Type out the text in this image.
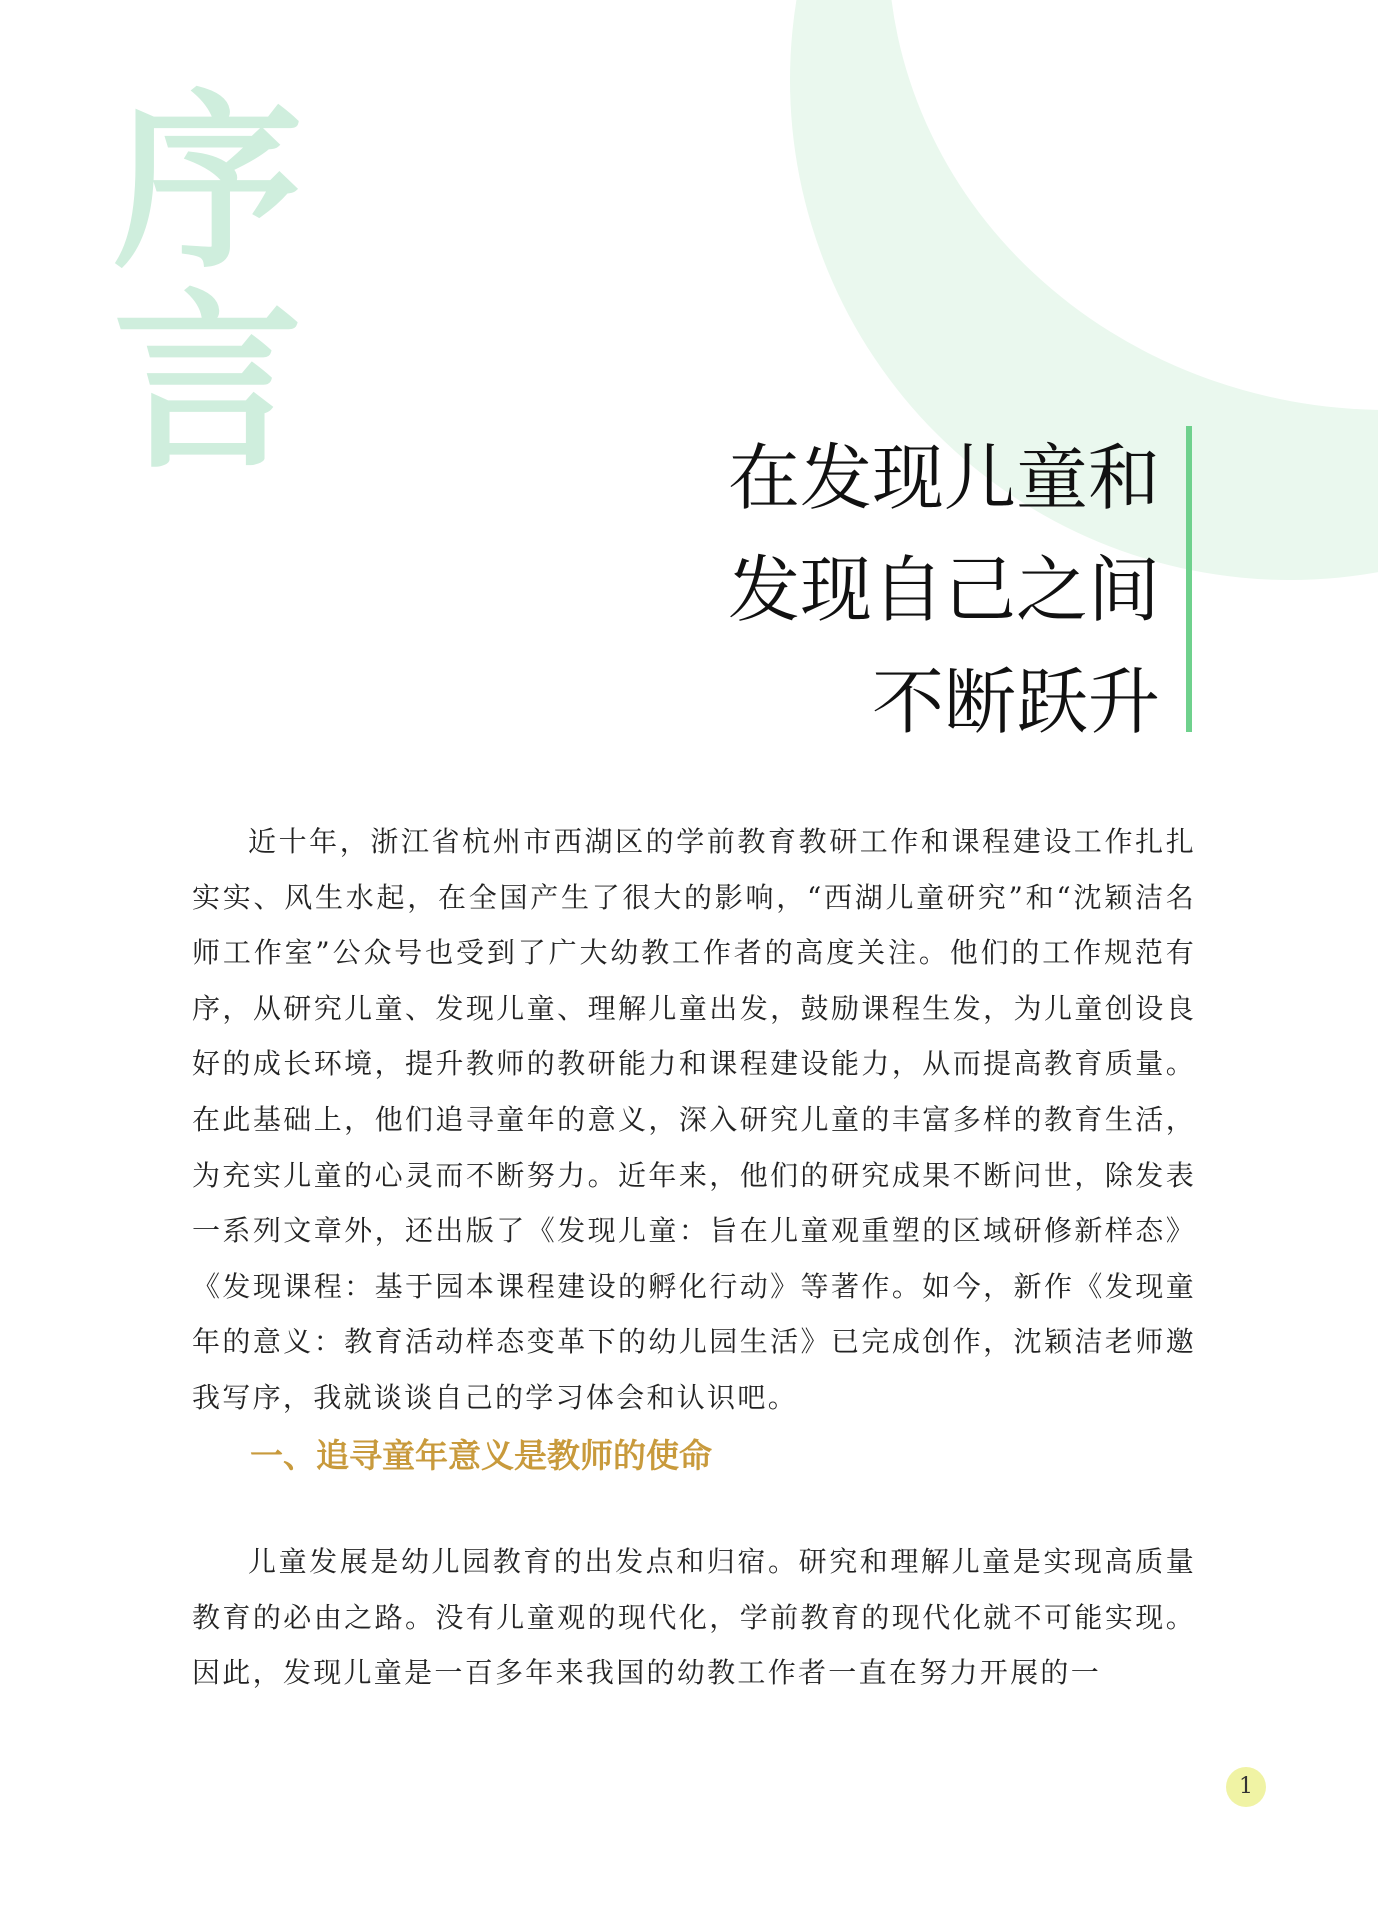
序
言	在发现儿童和
发现自己之间
不断跃升

近十年，浙江省杭州市西湖区的学前教育教研工作和课程建设工作扎扎实实、风生水起，在全国产生了很大的影响，“西湖儿童研究”和“沈颖洁名师工作室”公众号也受到了广大幼教工作者的高度关注。他们的工作规范有序，从研究儿童、发现儿童、理解儿童出发，鼓励课程生发，为儿童创设良好的成长环境，提升教师的教研能力和课程建设能力，从而提高教育质量。在此基础上，他们追寻童年的意义，深入研究儿童的丰富多样的教育生活，为充实儿童的心灵而不断努力。近年来，他们的研究成果不断问世，除发表一系列文章外，还出版了《发现儿童：旨在儿童观重塑的区域研修新样态》《发现课程：基于园本课程建设的孵化行动》等著作。如今，新作《发现童年的意义：教育活动样态变革下的幼儿园生活》已完成创作，沈颖洁老师邀我写序，我就谈谈自己的学习体会和认识吧。

一、追寻童年意义是教师的使命

儿童发展是幼儿园教育的出发点和归宿。研究和理解儿童是实现高质量教育的必由之路。没有儿童观的现代化，学前教育的现代化就不可能实现。因此，发现儿童是一百多年来我国的幼教工作者一直在努力开展的一

1
